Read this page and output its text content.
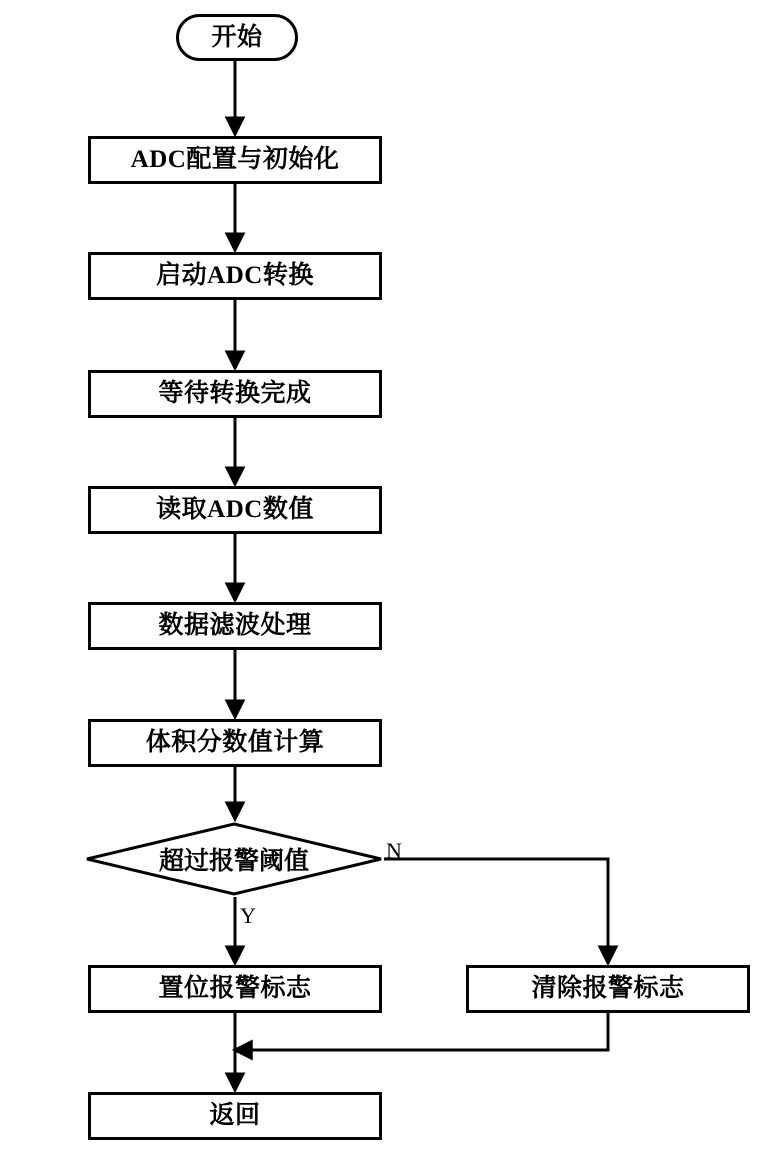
开始
ADC配置与初始化
启动ADC转换
等待转换完成
读取ADC数值
数据滤波处理
体积分数值计算
超过报警阈值
置位报警标志	清除报警标志
返回
Y
N
